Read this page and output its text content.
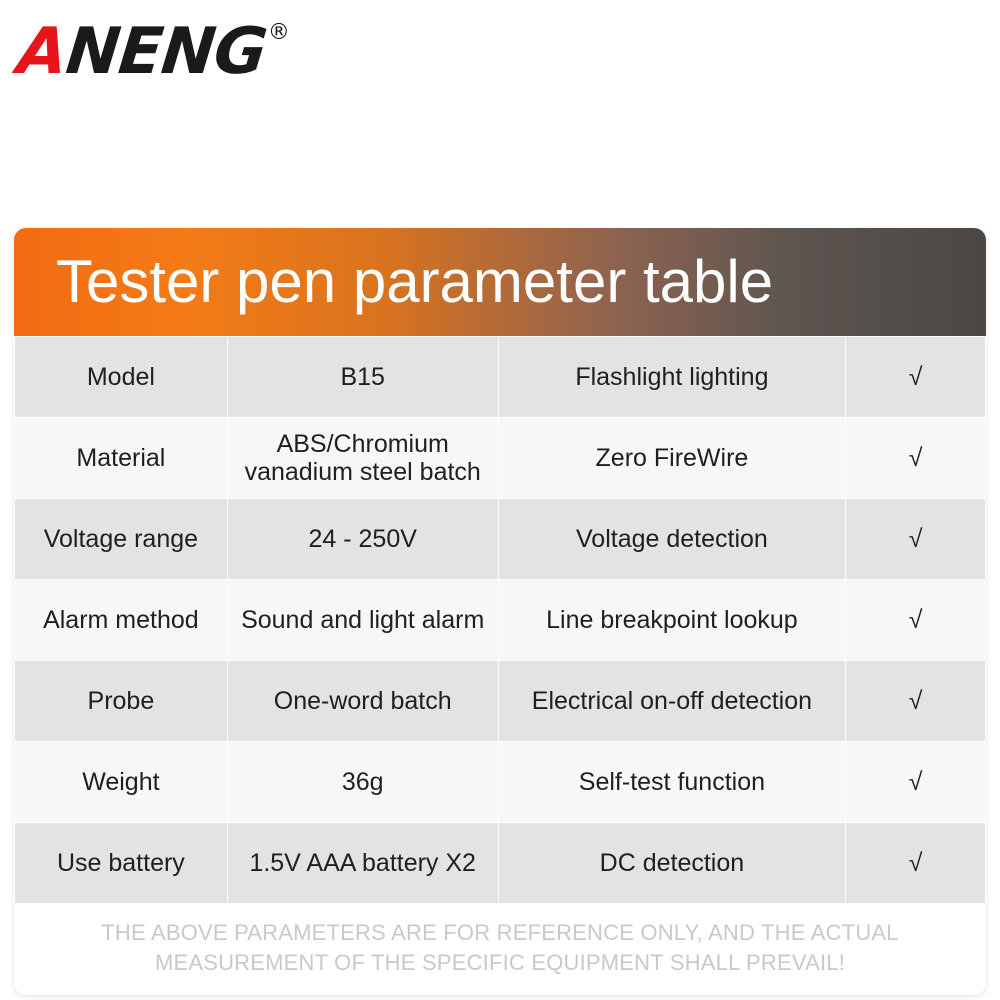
ANENG
®
Tester pen parameter table
Model	B15	Flashlight lighting	√
Material	ABS/Chromium vanadium steel batch	Zero FireWire	√
Voltage range	24 - 250V	Voltage detection	√
Alarm method	Sound and light alarm	Line breakpoint lookup	√
Probe	One-word batch	Electrical on-off detection	√
Weight	36g	Self-test function	√
Use battery	1.5V AAA battery X2	DC detection	√
THE ABOVE PARAMETERS ARE FOR REFERENCE ONLY, AND THE ACTUAL MEASUREMENT OF THE SPECIFIC EQUIPMENT SHALL PREVAIL!
